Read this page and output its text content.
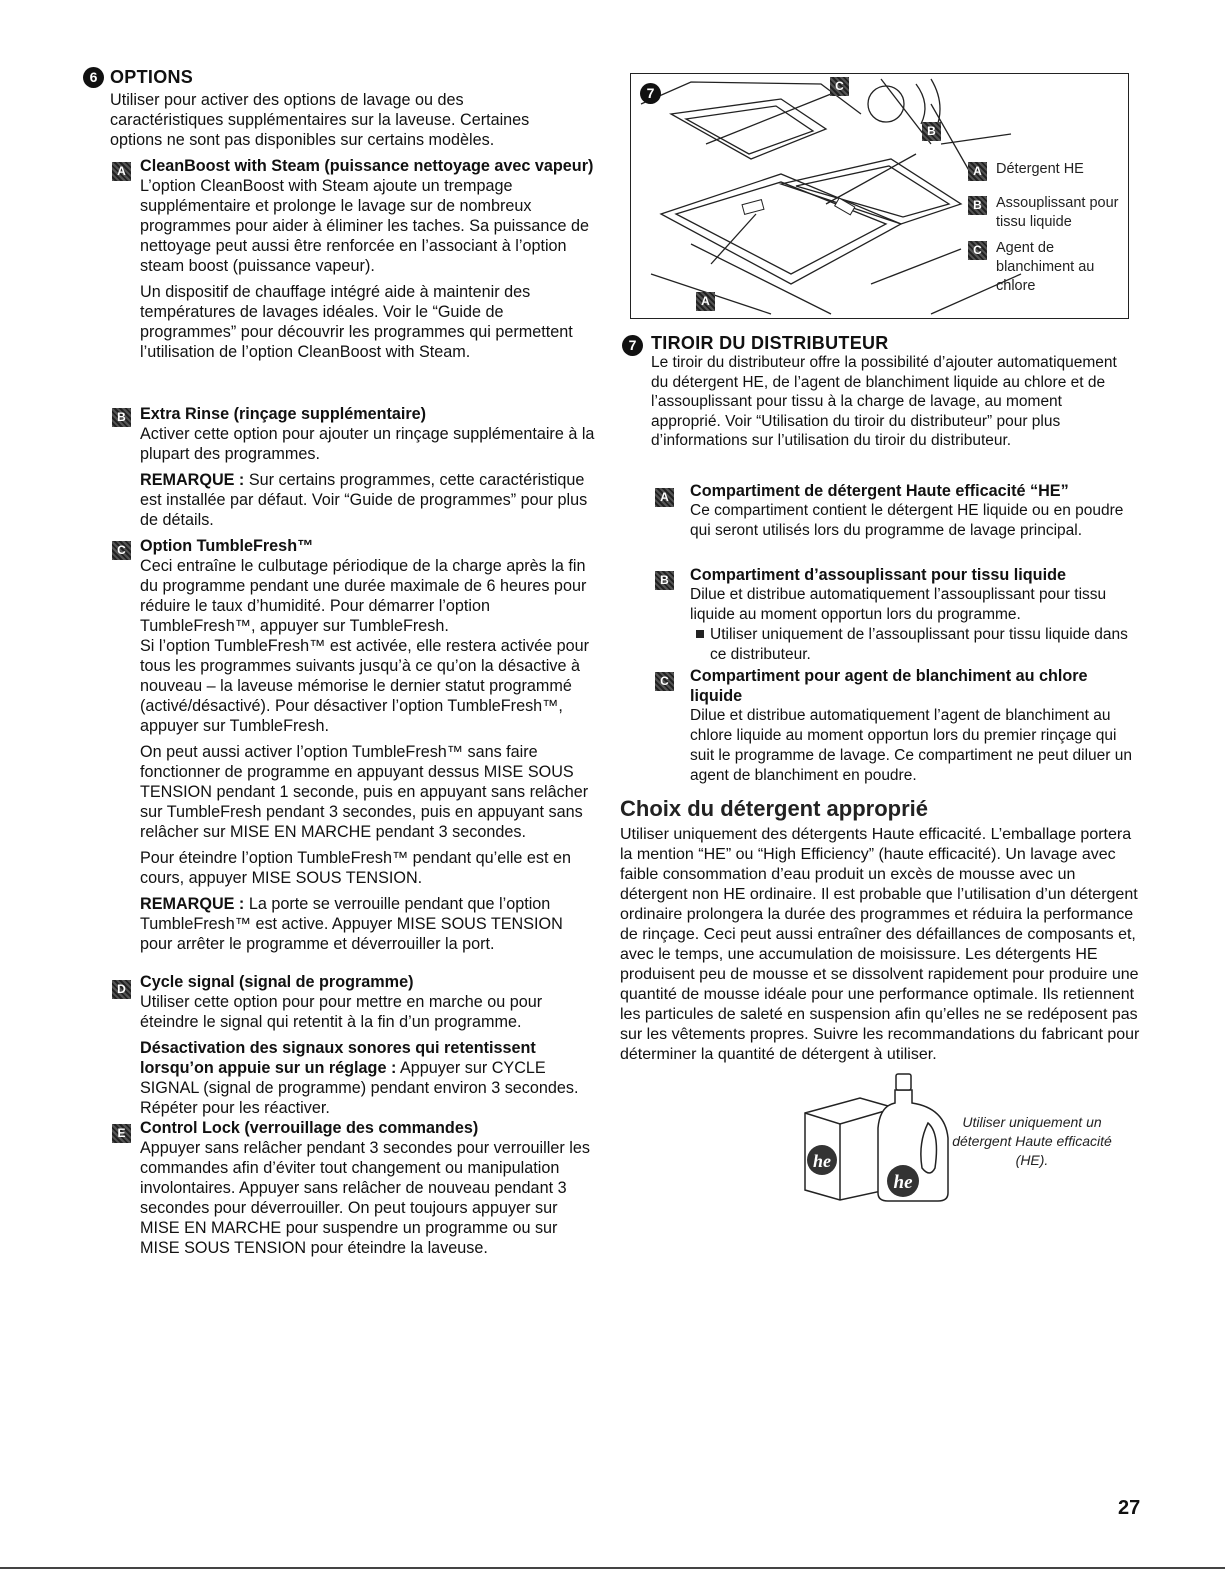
6 OPTIONS

Utiliser pour activer des options de lavage ou des caractéristiques supplémentaires sur la laveuse. Certaines options ne sont pas disponibles sur certains modèles.

A CleanBoost with Steam (puissance nettoyage avec vapeur)

L’option CleanBoost with Steam ajoute un trempage supplémentaire et prolonge le lavage sur de nombreux programmes pour aider à éliminer les taches. Sa puissance de nettoyage peut aussi être renforcée en l’associant à l’option steam boost (puissance vapeur).

Un dispositif de chauffage intégré aide à maintenir des températures de lavages idéales. Voir le “Guide de programmes” pour découvrir les programmes qui permettent l’utilisation de l’option CleanBoost with Steam.

B Extra Rinse (rinçage supplémentaire)

Activer cette option pour ajouter un rinçage supplémentaire à la plupart des programmes.

REMARQUE : Sur certains programmes, cette caractéristique est installée par défaut. Voir “Guide de programmes” pour plus de détails.

C Option TumbleFresh™

Ceci entraîne le culbutage périodique de la charge après la fin du programme pendant une durée maximale de 6 heures pour réduire le taux d’humidité. Pour démarrer l’option TumbleFresh™, appuyer sur TumbleFresh.

Si l’option TumbleFresh™ est activée, elle restera activée pour tous les programmes suivants jusqu’à ce qu’on la désactive à nouveau – la laveuse mémorise le dernier statut programmé (activé/désactivé). Pour désactiver l’option TumbleFresh™, appuyer sur TumbleFresh.

On peut aussi activer l’option TumbleFresh™ sans faire fonctionner de programme en appuyant dessus MISE SOUS TENSION pendant 1 seconde, puis en appuyant sans relâcher sur TumbleFresh pendant 3 secondes, puis en appuyant sans relâcher sur MISE EN MARCHE pendant 3 secondes.

Pour éteindre l’option TumbleFresh™ pendant qu’elle est en cours, appuyer MISE SOUS TENSION.

REMARQUE : La porte se verrouille pendant que l’option TumbleFresh™ est active. Appuyer MISE SOUS TENSION pour arrêter le programme et déverrouiller la port.

D Cycle signal (signal de programme)

Utiliser cette option pour pour mettre en marche ou pour éteindre le signal qui retentit à la fin d’un programme.

Désactivation des signaux sonores qui retentissent lorsqu’on appuie sur un réglage : Appuyer sur CYCLE SIGNAL (signal de programme) pendant environ 3 secondes. Répéter pour les réactiver.

E Control Lock (verrouillage des commandes)

Appuyer sans relâcher pendant 3 secondes pour verrouiller les commandes afin d’éviter tout changement ou manipulation involontaires. Appuyer sans relâcher de nouveau pendant 3 secondes pour déverrouiller. On peut toujours appuyer sur MISE EN MARCHE pour suspendre un programme ou sur MISE SOUS TENSION pour éteindre la laveuse.

7	C
B
A
A Détergent HE
B Assouplissant pour tissu liquide
C Agent de blanchiment au chlore
7 TIROIR DU DISTRIBUTEUR

Le tiroir du distributeur offre la possibilité d’ajouter automatiquement du détergent HE, de l’agent de blanchiment liquide au chlore et de l’assouplissant pour tissu à la charge de lavage, au moment approprié. Voir “Utilisation du tiroir du distributeur” pour plus d’informations sur l’utilisation du tiroir du distributeur.

A	Compartiment de détergent Haute efficacité “HE”

Ce compartiment contient le détergent HE liquide ou en poudre qui seront utilisés lors du programme de lavage principal.

B	Compartiment d’assouplissant pour tissu liquide

Dilue et distribue automatiquement l’assouplissant pour tissu liquide au moment opportun lors du programme.

Utiliser uniquement de l’assouplissant pour tissu liquide dans ce distributeur.

C	Compartiment pour agent de blanchiment au chlore liquide

Dilue et distribue automatiquement l’agent de blanchiment au chlore liquide au moment opportun lors du premier rinçage qui suit le programme de lavage. Ce compartiment ne peut diluer un agent de blanchiment en poudre.

Choix du détergent approprié

Utiliser uniquement des détergents Haute efficacité. L’emballage portera la mention “HE” ou “High Efficiency” (haute efficacité). Un lavage avec faible consommation d’eau produit un excès de mousse avec un détergent non HE ordinaire. Il est probable que l’utilisation d’un détergent ordinaire prolongera la durée des programmes et réduira la performance de rinçage. Ceci peut aussi entraîner des défaillances de composants et, avec le temps, une accumulation de moisissure. Les détergents HE produisent peu de mousse et se dissolvent rapidement pour produire une quantité de mousse idéale pour une performance optimale. Ils retiennent les particules de saleté en suspension afin qu’elles ne se redéposent pas sur les vêtements propres. Suivre les recommandations du fabricant pour déterminer la quantité de détergent à utiliser.

he
he
Utiliser uniquement un détergent Haute efficacité (HE).
27
